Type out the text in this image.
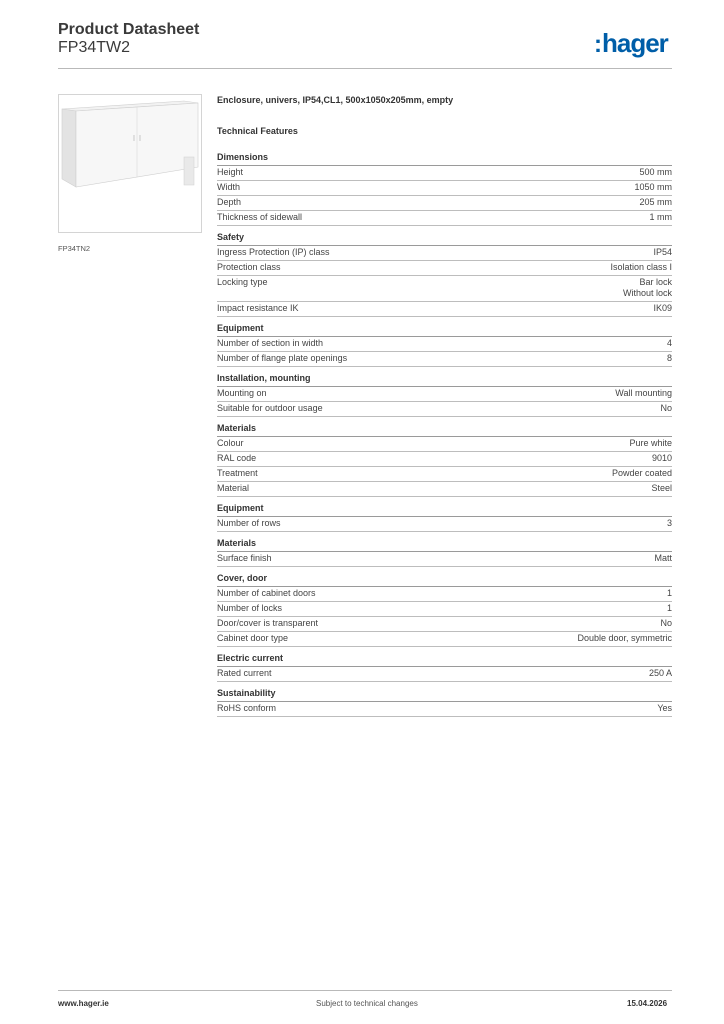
Product Datasheet
FP34TW2	:hager
FP34TN2
Enclosure, univers, IP54,CL1, 500x1050x205mm, empty
Technical Features
Dimensions
Height	500 mm
Width	1050 mm
Depth	205 mm
Thickness of sidewall	1 mm
Safety
Ingress Protection (IP) class	IP54
Protection class	Isolation class I
Locking type	Bar lock
Without lock
Impact resistance IK	IK09
Equipment
Number of section in width	4
Number of flange plate openings	8
Installation, mounting
Mounting on	Wall mounting
Suitable for outdoor usage	No
Materials
Colour	Pure white
RAL code	9010
Treatment	Powder coated
Material	Steel
Equipment
Number of rows	3
Materials
Surface finish	Matt
Cover, door
Number of cabinet doors	1
Number of locks	1
Door/cover is transparent	No
Cabinet door type	Double door, symmetric
Electric current
Rated current	250 A
Sustainability
RoHS conform	Yes
www.hager.ie	Subject to technical changes	15.04.2026
